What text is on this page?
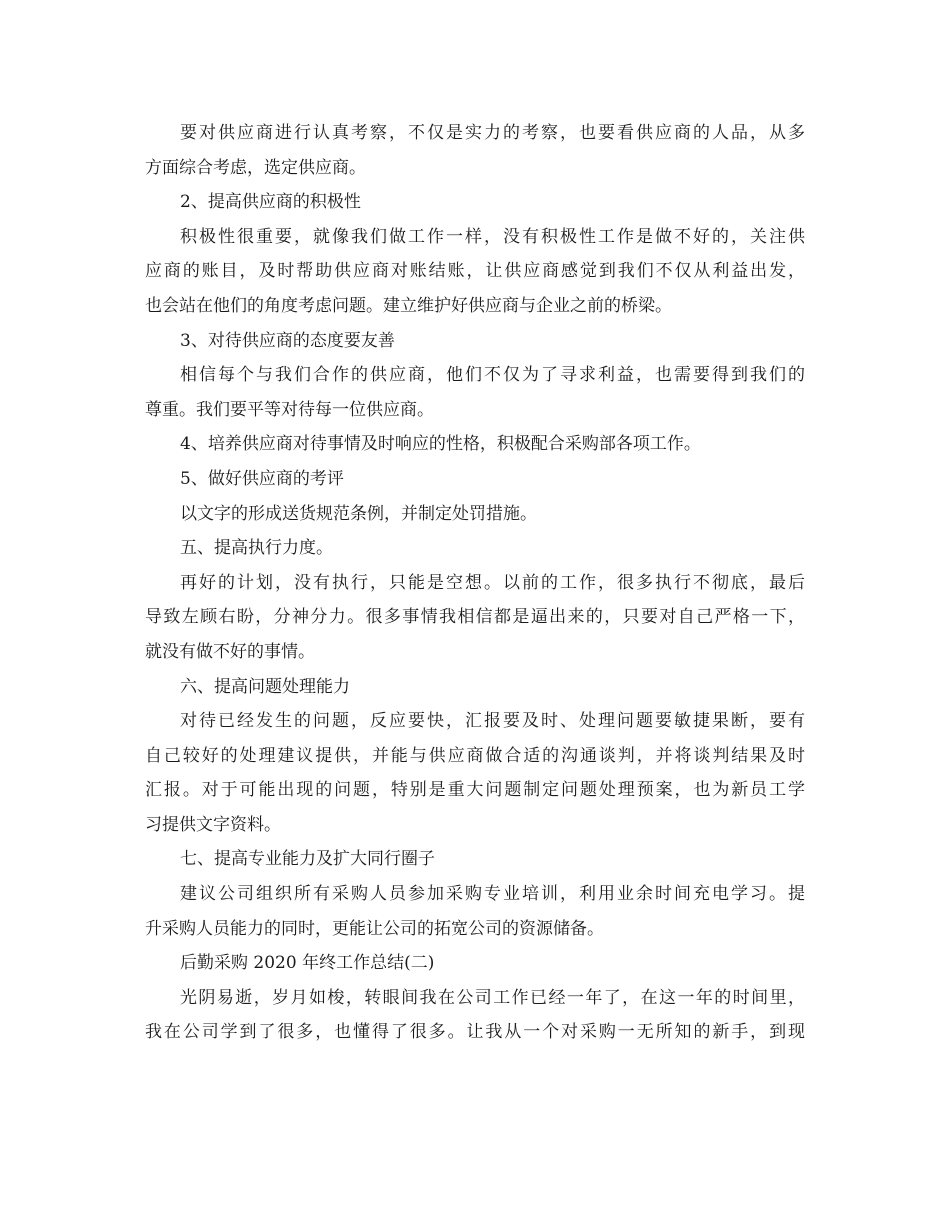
要对供应商进行认真考察，不仅是实力的考察，也要看供应商的人品，从多
方面综合考虑，选定供应商。
2、提高供应商的积极性
积极性很重要，就像我们做工作一样，没有积极性工作是做不好的，关注供
应商的账目，及时帮助供应商对账结账，让供应商感觉到我们不仅从利益出发，
也会站在他们的角度考虑问题。建立维护好供应商与企业之前的桥梁。
3、对待供应商的态度要友善
相信每个与我们合作的供应商，他们不仅为了寻求利益，也需要得到我们的
尊重。我们要平等对待每一位供应商。
4、培养供应商对待事情及时响应的性格，积极配合采购部各项工作。
5、做好供应商的考评
以文字的形成送货规范条例，并制定处罚措施。
五、提高执行力度。
再好的计划，没有执行，只能是空想。以前的工作，很多执行不彻底，最后
导致左顾右盼，分神分力。很多事情我相信都是逼出来的，只要对自己严格一下，
就没有做不好的事情。
六、提高问题处理能力
对待已经发生的问题，反应要快，汇报要及时、处理问题要敏捷果断，要有
自己较好的处理建议提供，并能与供应商做合适的沟通谈判，并将谈判结果及时
汇报。对于可能出现的问题，特别是重大问题制定问题处理预案，也为新员工学
习提供文字资料。
七、提高专业能力及扩大同行圈子
建议公司组织所有采购人员参加采购专业培训，利用业余时间充电学习。提
升采购人员能力的同时，更能让公司的拓宽公司的资源储备。
后勤采购 2020 年终工作总结(二)
光阴易逝，岁月如梭，转眼间我在公司工作已经一年了，在这一年的时间里，
我在公司学到了很多，也懂得了很多。让我从一个对采购一无所知的新手，到现
